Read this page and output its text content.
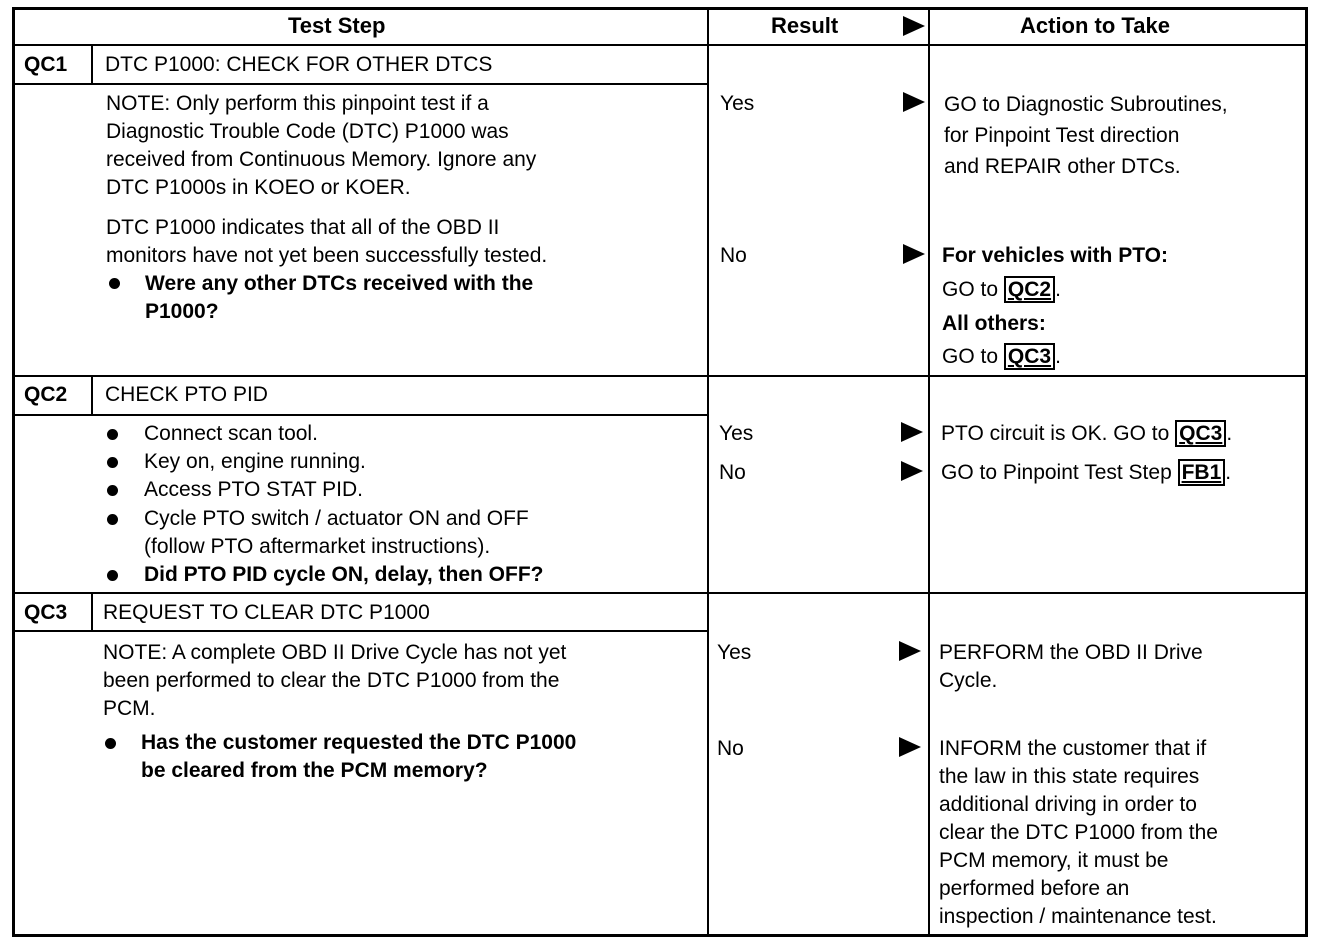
Test Step	Result	Action to Take
QC1 DTC P1000: CHECK FOR OTHER DTCS
NOTE: Only perform this pinpoint test if a
Diagnostic Trouble Code (DTC) P1000 was
received from Continuous Memory. Ignore any
DTC P1000s in KOEO or KOER.
DTC P1000 indicates that all of the OBD II
monitors have not yet been successfully tested.
Were any other DTCs received with the
P1000?
Yes
No
GO to Diagnostic Subroutines,
for Pinpoint Test direction
and REPAIR other DTCs.
For vehicles with PTO:
GO to QC2 .
All others:
GO to QC3 .
QC2 CHECK PTO PID
Connect scan tool.
Key on, engine running.
Access PTO STAT PID.
Cycle PTO switch / actuator ON and OFF
(follow PTO aftermarket instructions).
Did PTO PID cycle ON, delay, then OFF?
Yes
No
PTO circuit is OK. GO to QC3 .
GO to Pinpoint Test Step FB1 .
QC3 REQUEST TO CLEAR DTC P1000
NOTE: A complete OBD II Drive Cycle has not yet
been performed to clear the DTC P1000 from the
PCM.
Has the customer requested the DTC P1000
be cleared from the PCM memory?
Yes
No
PERFORM the OBD II Drive
Cycle.
INFORM the customer that if
the law in this state requires
additional driving in order to
clear the DTC P1000 from the
PCM memory, it must be
performed before an
inspection / maintenance test.
